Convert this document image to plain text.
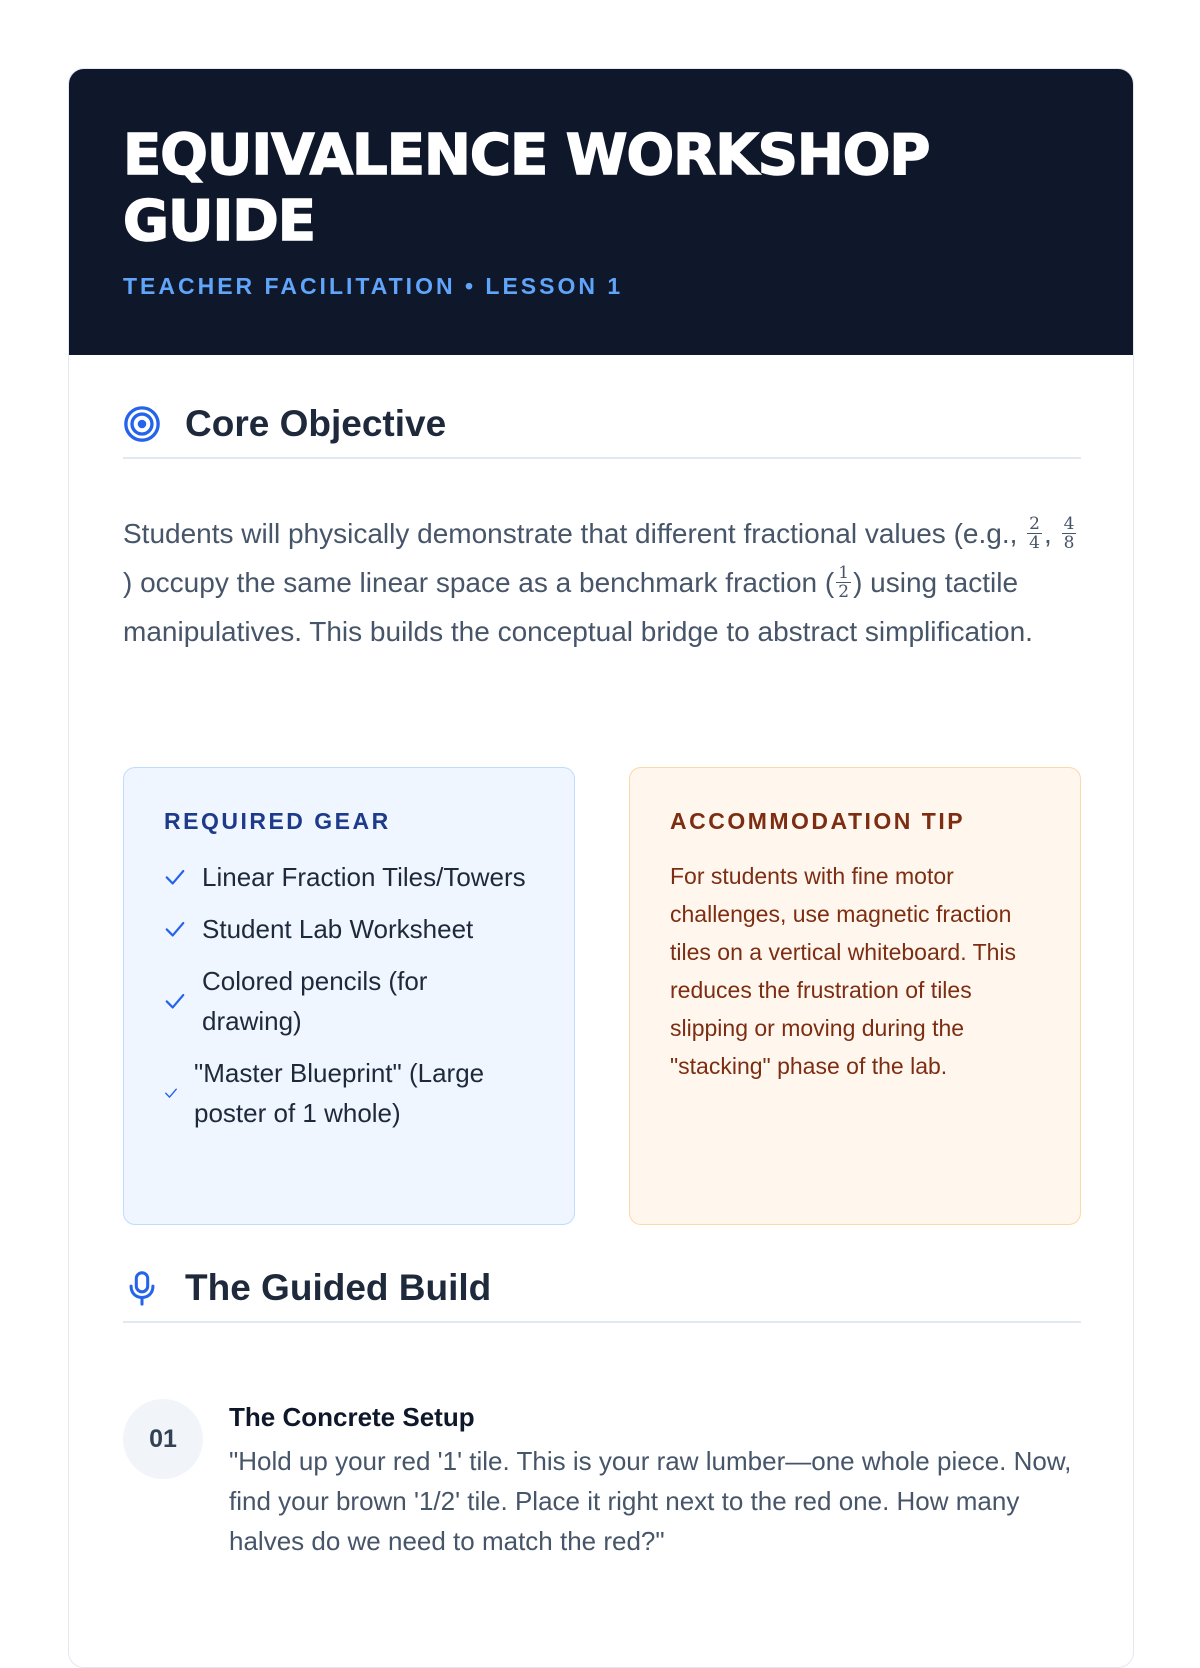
EQUIVALENCE WORKSHOP GUIDE
TEACHER FACILITATION • LESSON 1
Core Objective

Students will physically demonstrate that different fractional values (e.g., $\frac{2}{4}$ , $\frac{4}{8}$
) occupy the same linear space as a benchmark fraction ( $\frac{1}{2}$ ) using tactile manipulatives. This builds the conceptual bridge to abstract simplification.

REQUIRED GEAR
Linear Fraction Tiles/Towers
Student Lab Worksheet
Colored pencils (for drawing)
"Master Blueprint" (Large poster of 1 whole)
ACCOMMODATION TIP

For students with fine motor challenges, use magnetic fraction tiles on a vertical whiteboard. This reduces the frustration of tiles slipping or moving during the "stacking" phase of the lab.

The Guided Build
01
The Concrete Setup

"Hold up your red '1' tile. This is your raw lumber—one whole piece. Now, find your brown '1/2' tile. Place it right next to the red one. How many halves do we need to match the red?"
